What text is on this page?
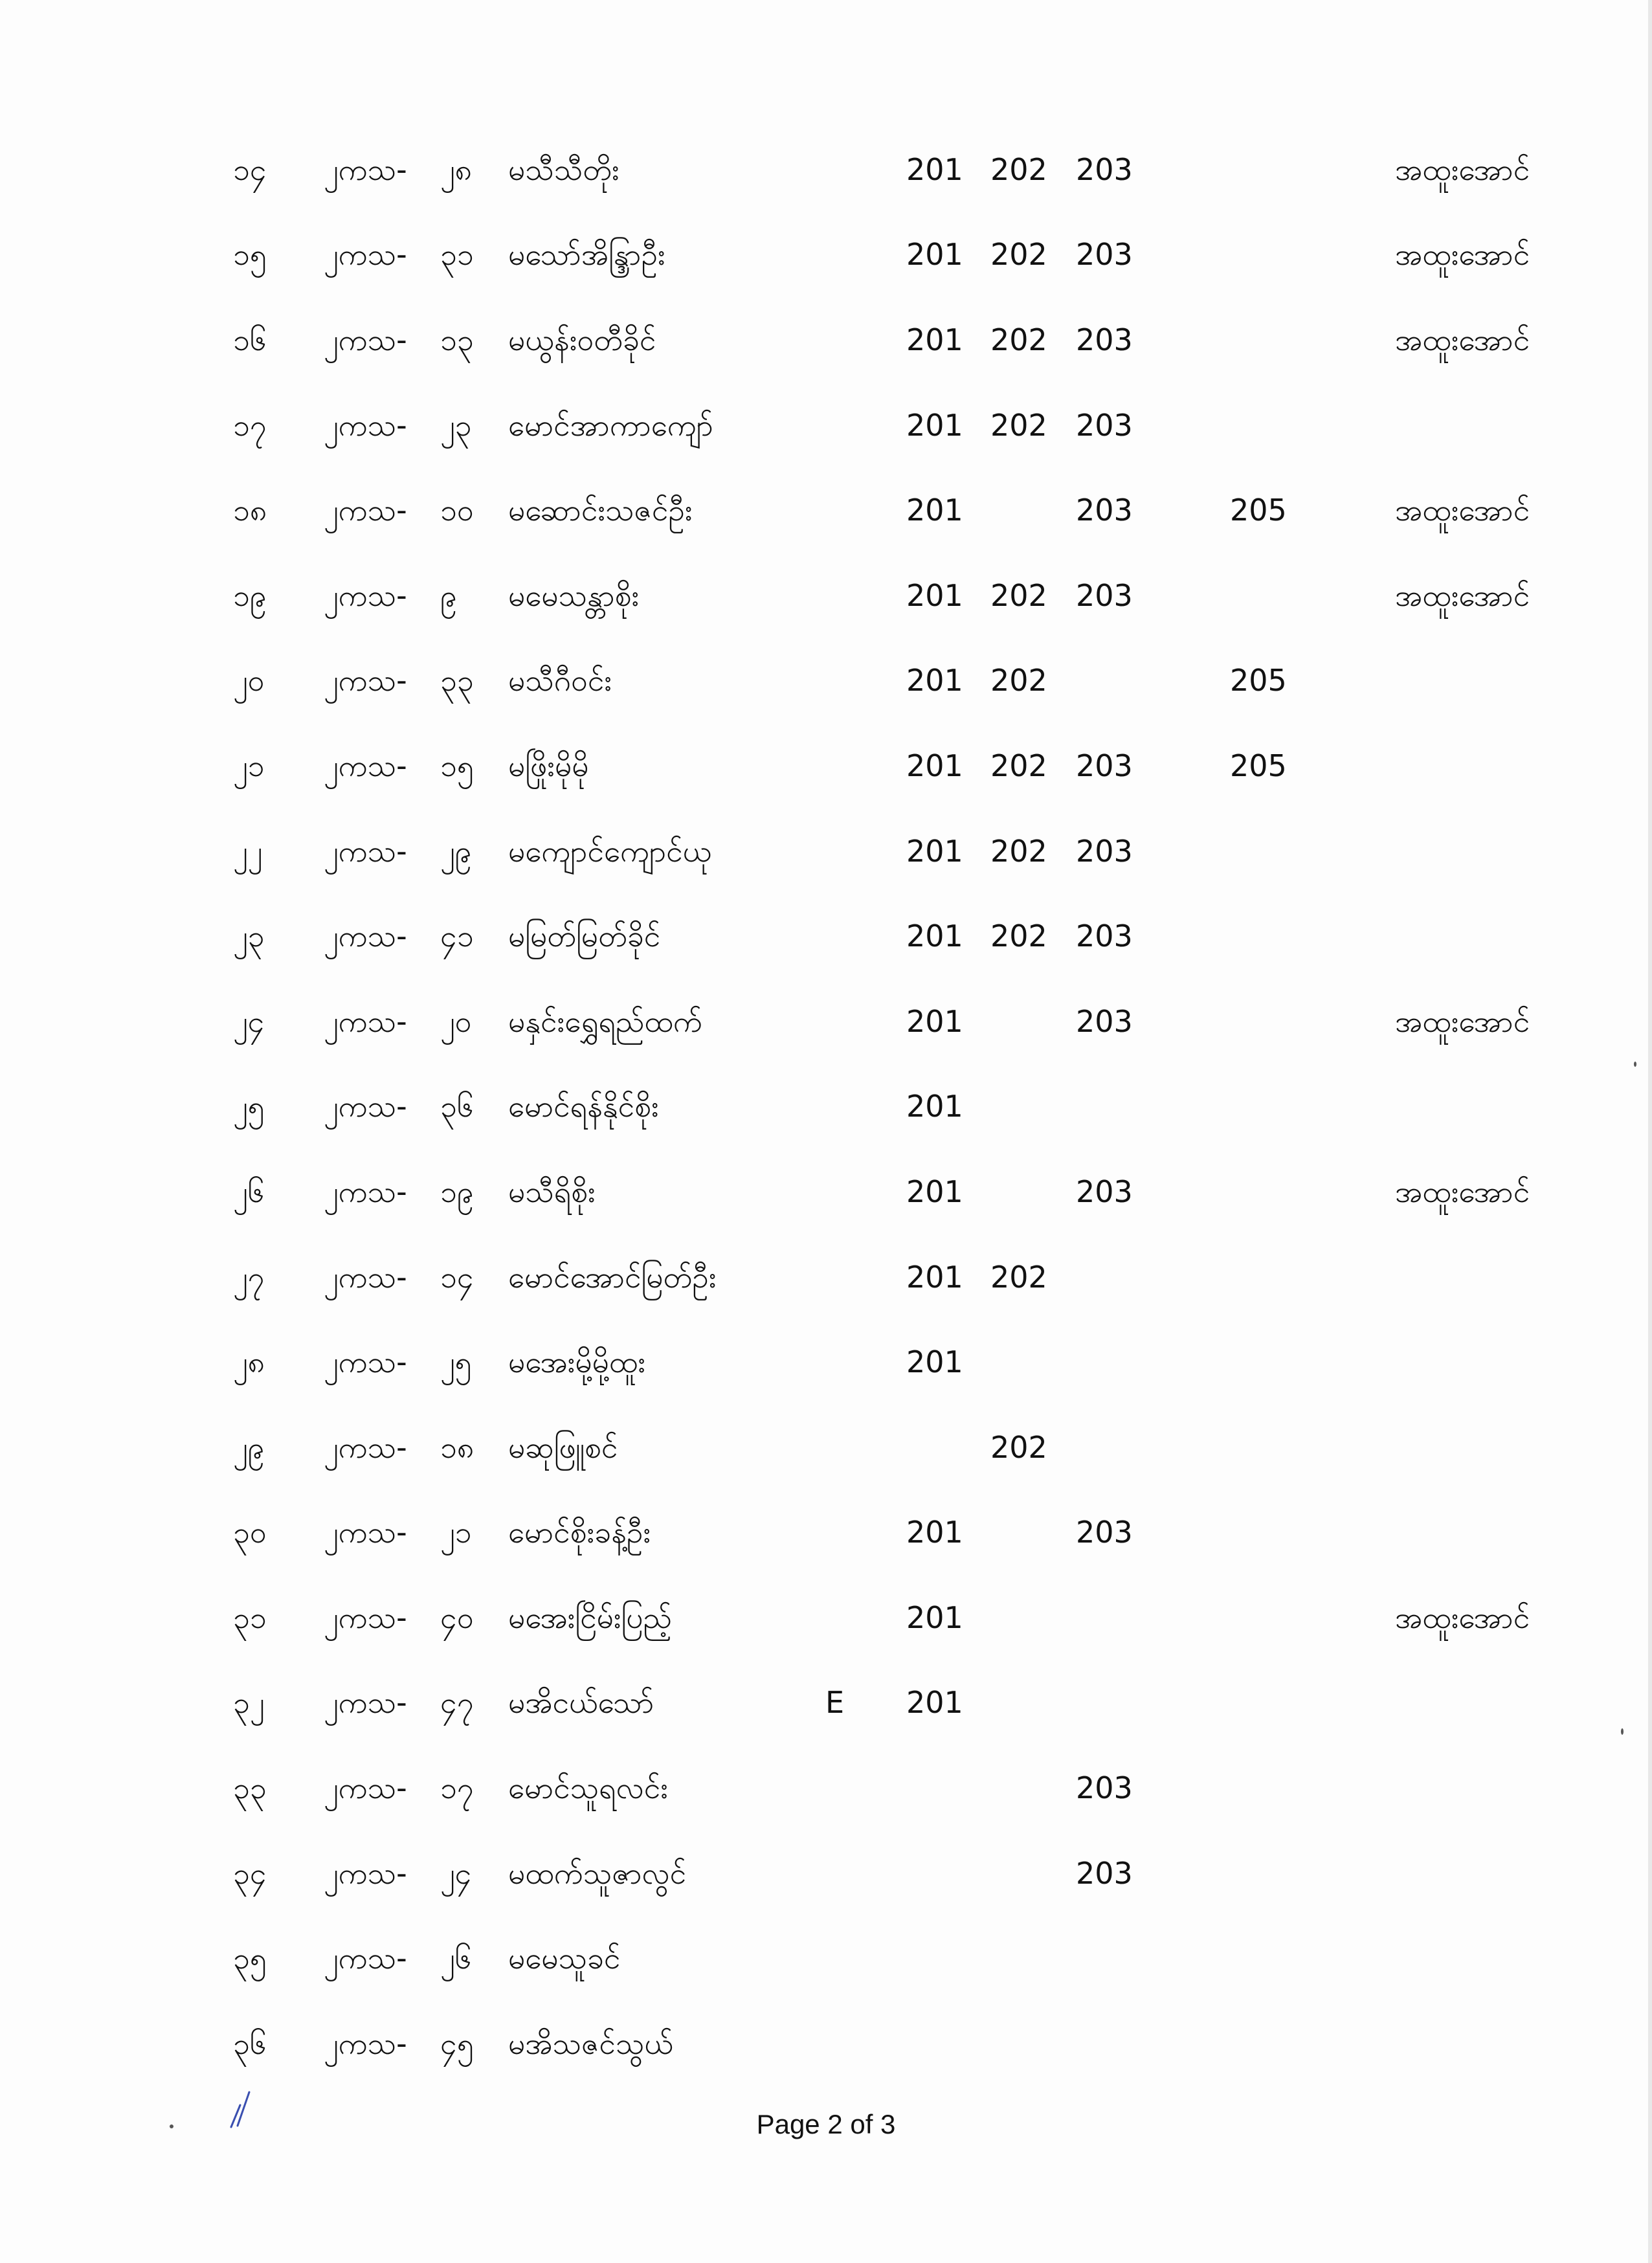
၁၄ ၂ကသ- ၂၈ မသီသီတိုး	201 202 203	အထူးအောင်
၁၅ ၂ကသ- ၃၁ မသော်အိန္ဒြာဦး	201 202 203	အထူးအောင်
၁၆ ၂ကသ- ၁၃ မယွန်းဝတီခိုင်	201 202 203	အထူးအောင်
၁၇ ၂ကသ- ၂၃ မောင်အာကာကျော်	201 202 203
၁၈ ၂ကသ- ၁၀ မဆောင်းသဇင်ဦး	201	203	205	အထူးအောင်
၁၉ ၂ကသ- ၉ မမေသန္တာစိုး	201 202 203	အထူးအောင်
၂၀ ၂ကသ- ၃၃ မသီဂီဝင်း	201 202	205
၂၁ ၂ကသ- ၁၅ မဖြိုးမိုမို	201 202 203	205
၂၂ ၂ကသ- ၂၉ မကျောင်ကျောင်ယု	201 202 203
၂၃ ၂ကသ- ၄၁ မမြတ်မြတ်ခိုင်	201 202 203
၂၄ ၂ကသ- ၂၀ မနှင်းရွှေရည်ထက်	201	203	အထူးအောင်
၂၅ ၂ကသ- ၃၆ မောင်ရန်နိုင်စိုး	201
၂၆ ၂ကသ- ၁၉ မသီရိစိုး	201	203	အထူးအောင်
၂၇ ၂ကသ- ၁၄ မောင်အောင်မြတ်ဦး	201 202
၂၈ ၂ကသ- ၂၅ မအေးမို့မို့ထူး	201
၂၉ ၂ကသ- ၁၈ မဆုဖြူစင်	202
၃၀ ၂ကသ- ၂၁ မောင်စိုးခန့်ဦး	201	203
၃၁ ၂ကသ- ၄၀ မအေးငြိမ်းပြည့်	201	အထူးအောင်
၃၂ ၂ကသ- ၄၇ မအိငယ်သော်	E 201
၃၃ ၂ကသ- ၁၇ မောင်သူရလင်း	203
၃၄ ၂ကသ- ၂၄ မထက်သူဇာလွင်	203
၃၅ ၂ကသ- ၂၆ မမေသူခင်
၃၆ ၂ကသ- ၄၅ မအိသဇင်သွယ်
Page 2 of 3
